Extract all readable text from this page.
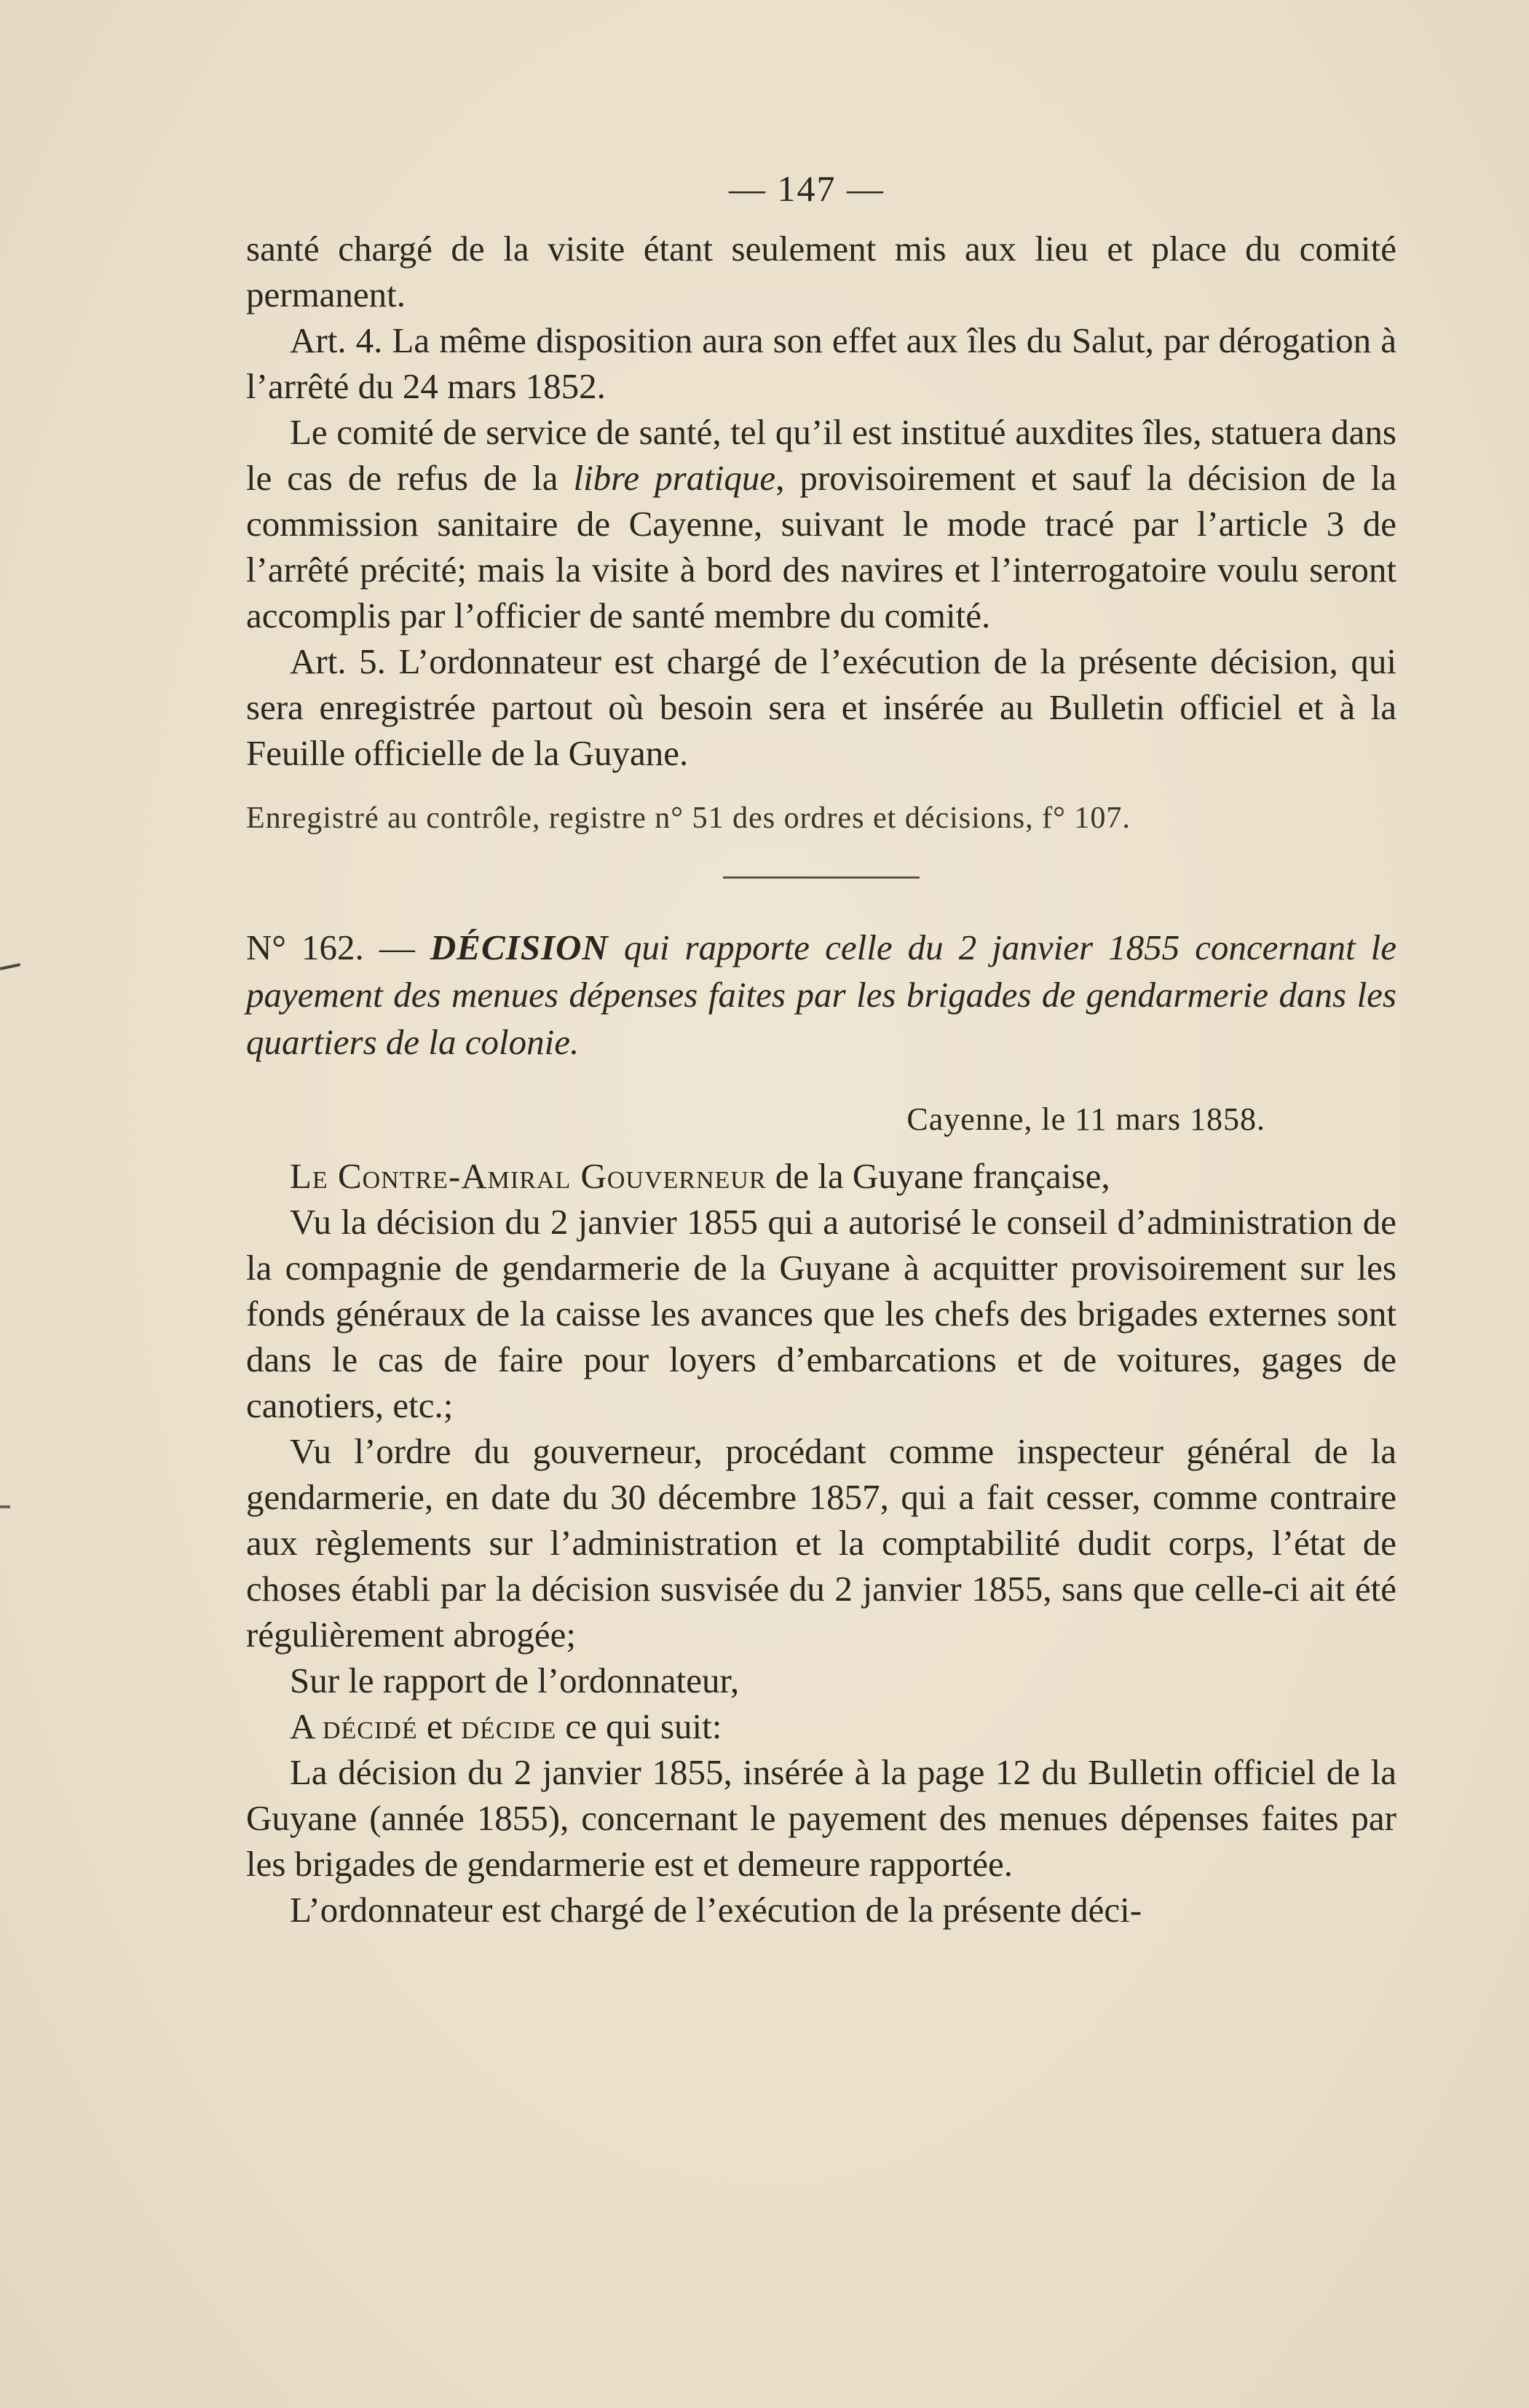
— 147 —

santé chargé de la visite étant seulement mis aux lieu et place du comité permanent.

Art. 4. La même disposition aura son effet aux îles du Salut, par dérogation à l’arrêté du 24 mars 1852.

Le comité de service de santé, tel qu’il est institué auxdites îles, statuera dans le cas de refus de la libre pratique, provisoirement et sauf la décision de la commission sanitaire de Cayenne, suivant le mode tracé par l’article 3 de l’arrêté précité; mais la visite à bord des navires et l’interrogatoire voulu seront accomplis par l’officier de santé membre du comité.

Art. 5. L’ordonnateur est chargé de l’exécution de la présente décision, qui sera enregistrée partout où besoin sera et insérée au Bulletin officiel et à la Feuille officielle de la Guyane.

Enregistré au contrôle, registre n° 51 des ordres et décisions, f° 107.

N° 162. — DÉCISION qui rapporte celle du 2 janvier 1855 concernant le payement des menues dépenses faites par les brigades de gendarmerie dans les quartiers de la colonie.

Cayenne, le 11 mars 1858.

Le Contre-Amiral Gouverneur de la Guyane française,

Vu la décision du 2 janvier 1855 qui a autorisé le conseil d’administration de la compagnie de gendarmerie de la Guyane à acquitter provisoirement sur les fonds généraux de la caisse les avances que les chefs des brigades externes sont dans le cas de faire pour loyers d’embarcations et de voitures, gages de canotiers, etc.;

Vu l’ordre du gouverneur, procédant comme inspecteur général de la gendarmerie, en date du 30 décembre 1857, qui a fait cesser, comme contraire aux règlements sur l’administration et la comptabilité dudit corps, l’état de choses établi par la décision susvisée du 2 janvier 1855, sans que celle-ci ait été régulièrement abrogée;

Sur le rapport de l’ordonnateur,

A décidé et décide ce qui suit:

La décision du 2 janvier 1855, insérée à la page 12 du Bulletin officiel de la Guyane (année 1855), concernant le payement des menues dépenses faites par les brigades de gendarmerie est et demeure rapportée.

L’ordonnateur est chargé de l’exécution de la présente déci-
